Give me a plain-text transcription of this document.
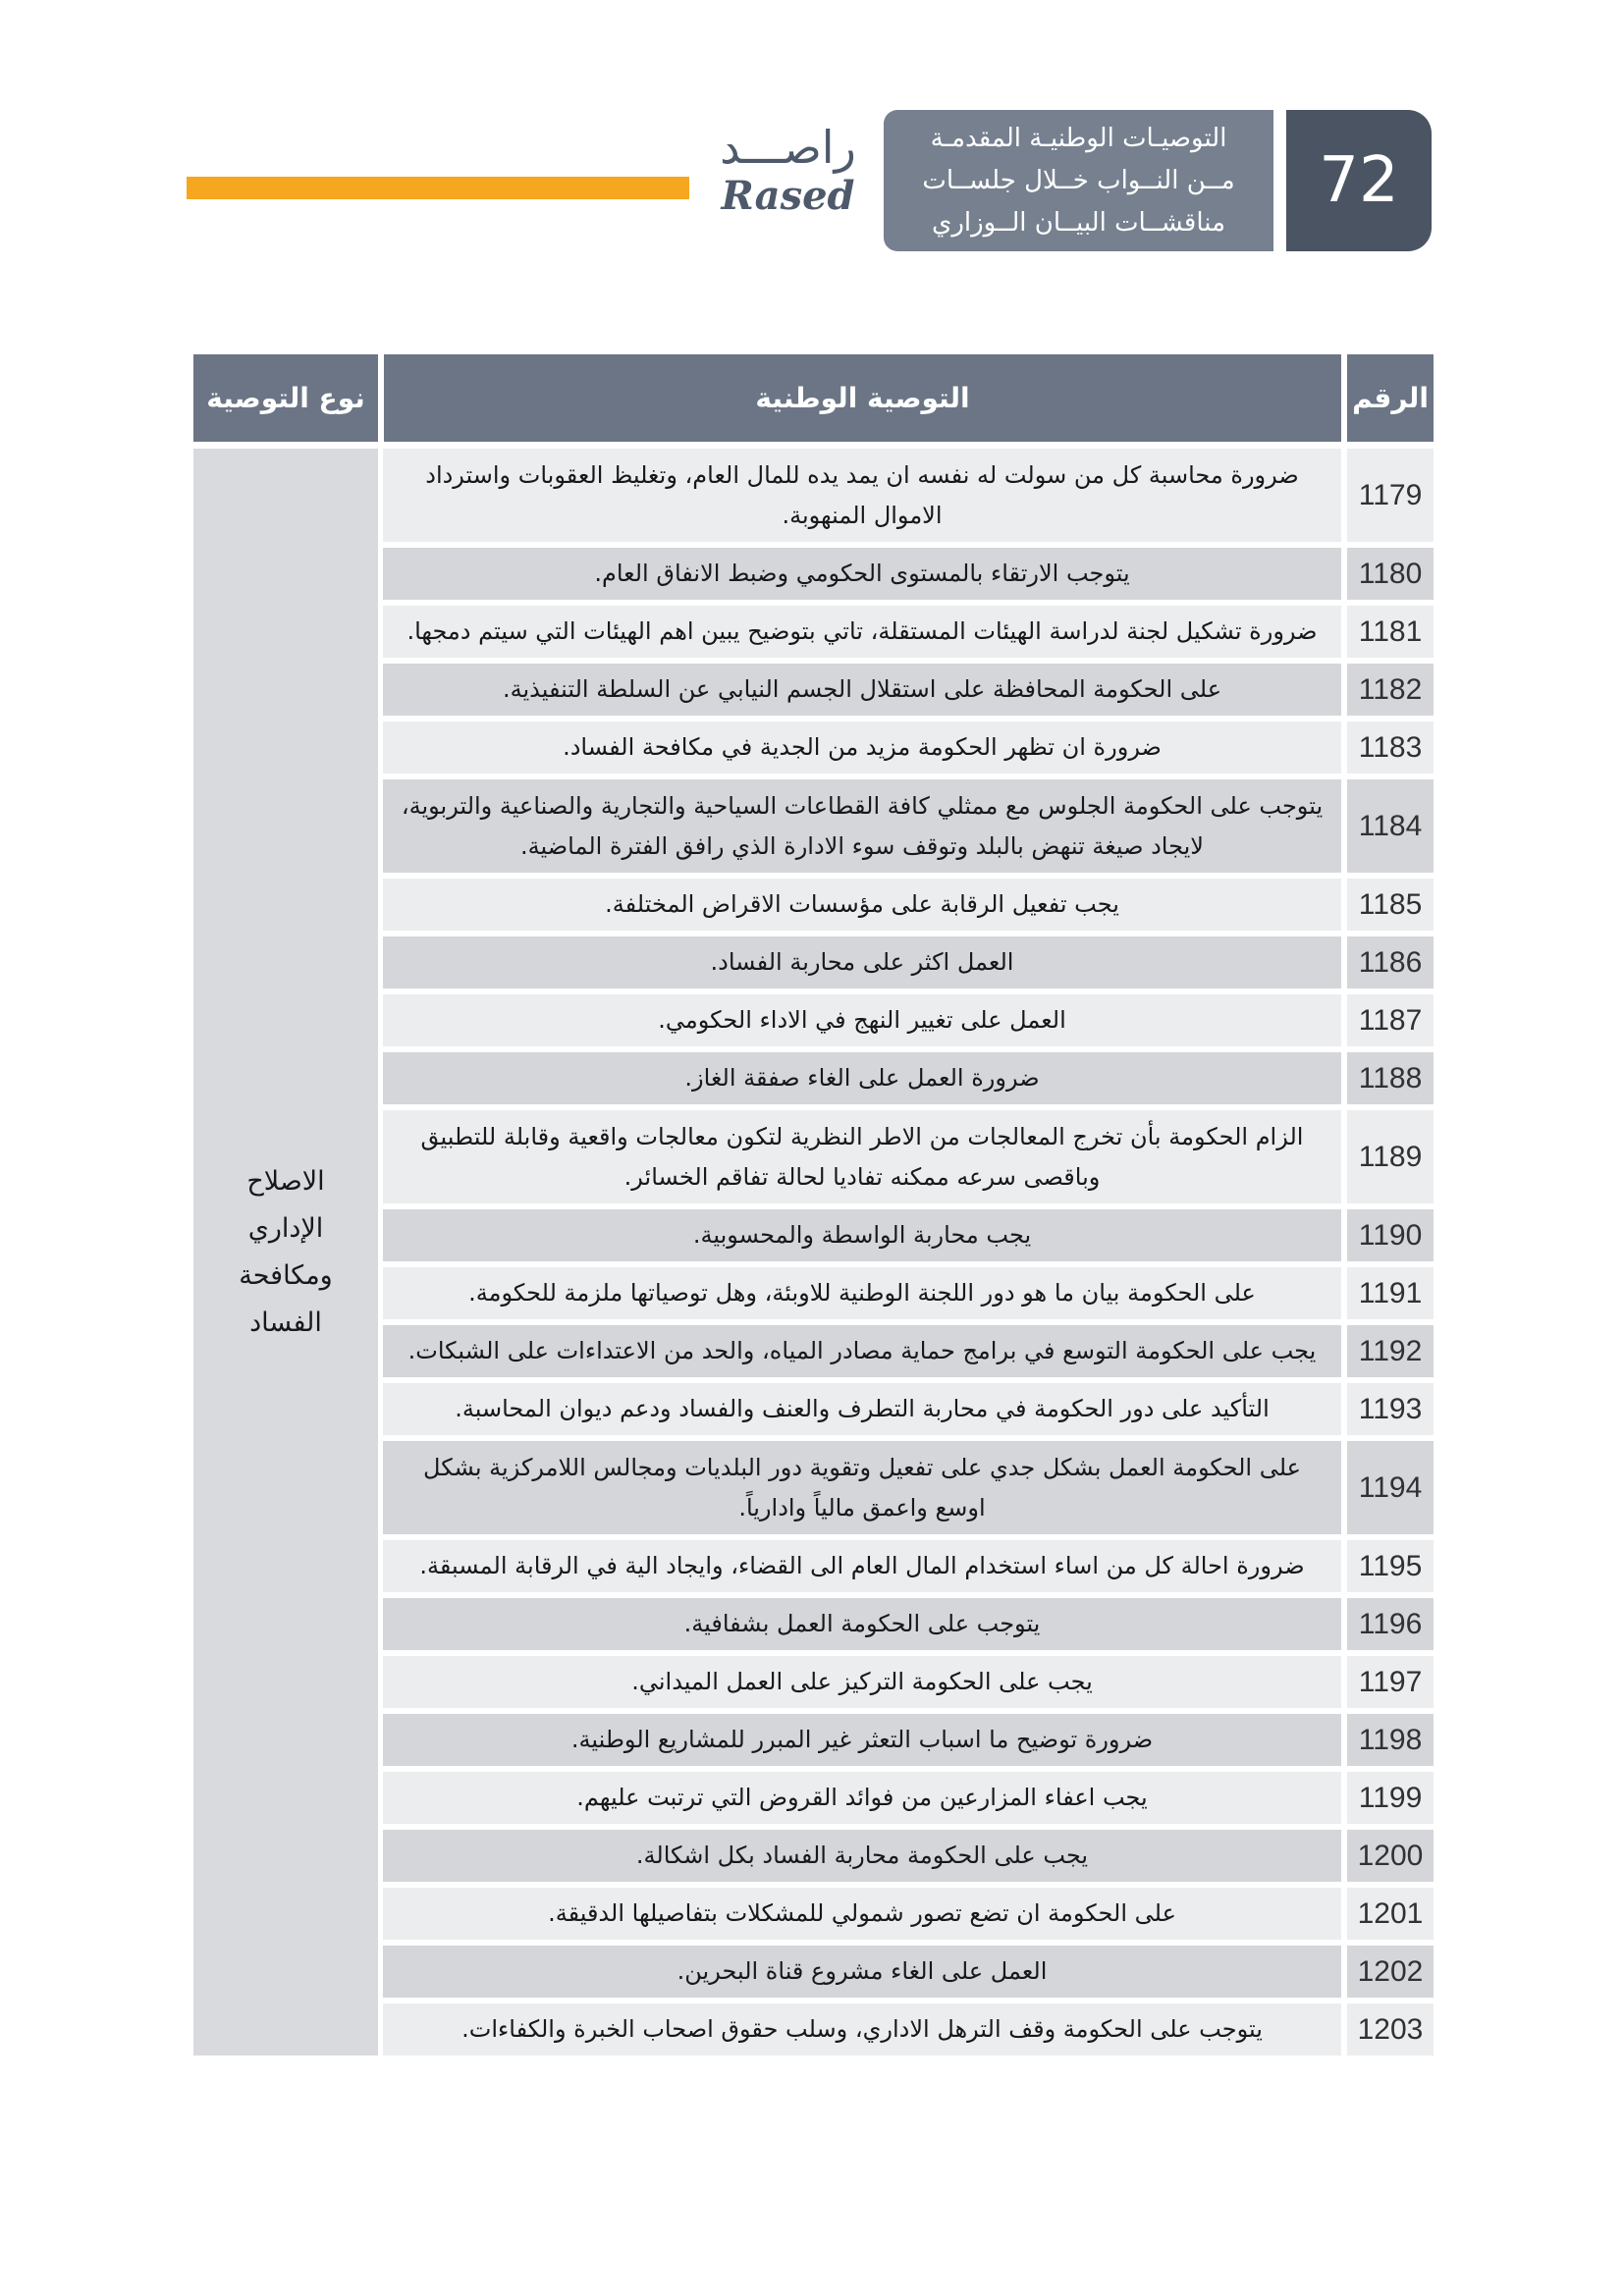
راصـــد
Rased
التوصيـات الوطنيـة المقدمـة
مــن النــواب خــلال جلســات
مناقشــات البيــان الــوزاري
72
الرقم
التوصية الوطنية
نوع التوصية
1179
ضرورة محاسبة كل من سولت له نفسه ان يمد يده للمال العام، وتغليظ العقوبات واسترداد الاموال المنهوبة.
1180
يتوجب الارتقاء بالمستوى الحكومي وضبط الانفاق العام.
1181
ضرورة تشكيل لجنة لدراسة الهيئات المستقلة، تاتي بتوضيح يبين اهم الهيئات التي سيتم دمجها.
1182
على الحكومة المحافظة على استقلال الجسم النيابي عن السلطة التنفيذية.
1183
ضرورة ان تظهر الحكومة مزيد من الجدية في مكافحة الفساد.
1184
يتوجب على الحكومة الجلوس مع ممثلي كافة القطاعات السياحية والتجارية والصناعية والتربوية، لايجاد صيغة تنهض بالبلد وتوقف سوء الادارة الذي رافق الفترة الماضية.
1185
يجب تفعيل الرقابة على مؤسسات الاقراض المختلفة.
1186
العمل اكثر على محاربة الفساد.
1187
العمل على تغيير النهج في الاداء الحكومي.
1188
ضرورة العمل على الغاء صفقة الغاز.
1189
الزام الحكومة بأن تخرج المعالجات من الاطر النظرية لتكون معالجات واقعية وقابلة للتطبيق وباقصى سرعه ممكنه تفاديا لحالة تفاقم الخسائر.
1190
يجب محاربة الواسطة والمحسوبية.
1191
على الحكومة بيان ما هو دور اللجنة الوطنية للاوبئة، وهل توصياتها ملزمة للحكومة.
1192
يجب على الحكومة التوسع في برامج حماية مصادر المياه، والحد من الاعتداءات على الشبكات.
1193
التأكيد على دور الحكومة في محاربة التطرف والعنف والفساد ودعم ديوان المحاسبة.
1194
على الحكومة العمل بشكل جدي على تفعيل وتقوية دور البلديات ومجالس اللامركزية بشكل اوسع واعمق مالياً وادارياً.
1195
ضرورة احالة كل من اساء استخدام المال العام الى القضاء، وايجاد الية في الرقابة المسبقة.
1196
يتوجب على الحكومة العمل بشفافية.
1197
يجب على الحكومة التركيز على العمل الميداني.
1198
ضرورة توضيح ما اسباب التعثر غير المبرر للمشاريع الوطنية.
1199
يجب اعفاء المزارعين من فوائد القروض التي ترتبت عليهم.
1200
يجب على الحكومة محاربة الفساد بكل اشكالة.
1201
على الحكومة ان تضع تصور شمولي للمشكلات بتفاصيلها الدقيقة.
1202
العمل على الغاء مشروع قناة البحرين.
1203
يتوجب على الحكومة وقف الترهل الاداري، وسلب حقوق اصحاب الخبرة والكفاءات.
الاصلاح الإداري ومكافحة الفساد
